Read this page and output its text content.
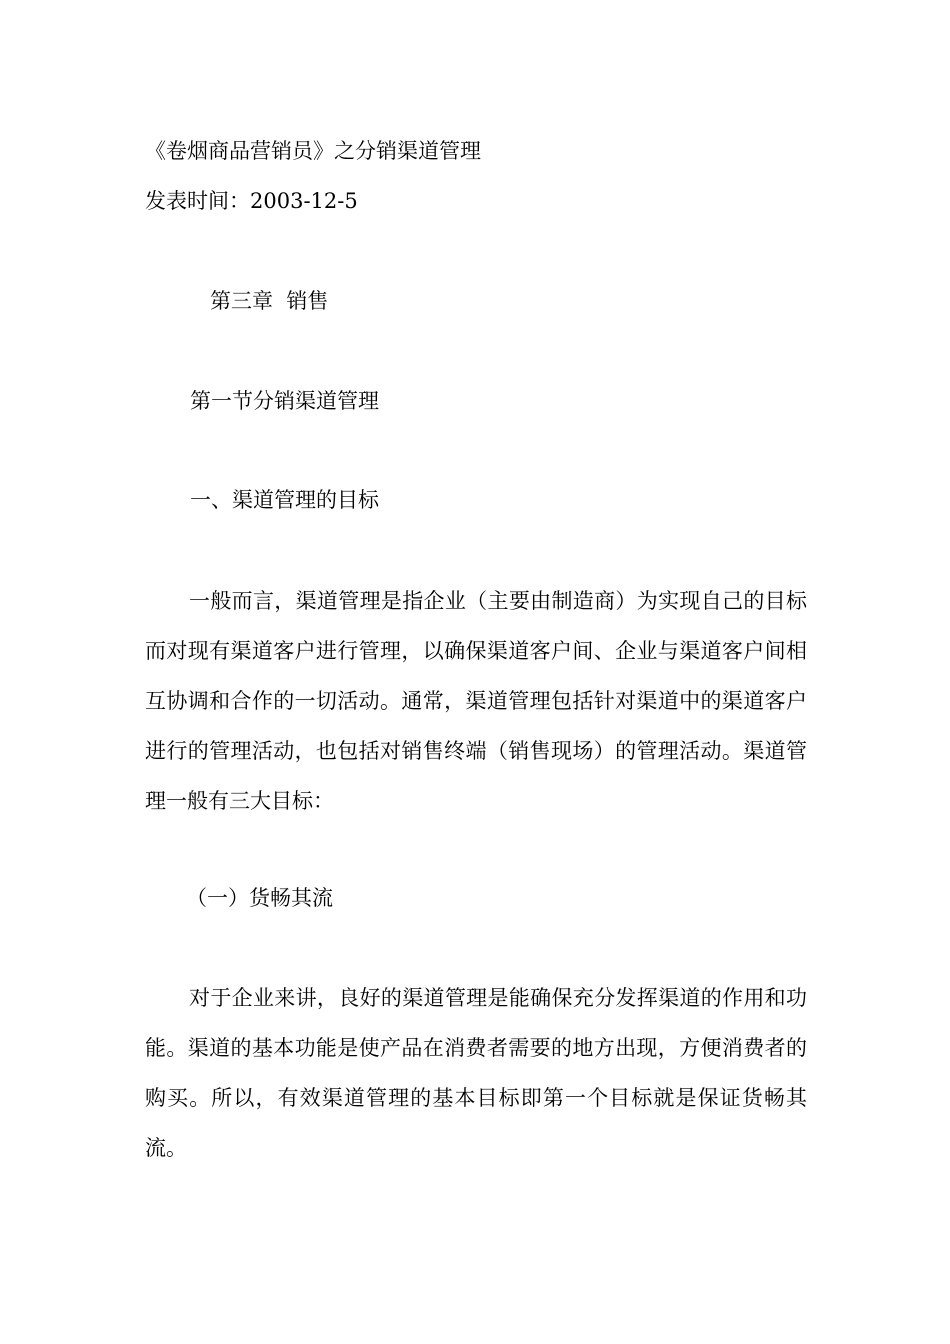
《卷烟商品营销员》之分销渠道管理
发表时间：2003-12-5
第三章  销售
第一节分销渠道管理
一、渠道管理的目标

一般而言，渠道管理是指企业（主要由制造商）为实现自己的目标而对现有渠道客户进行管理，以确保渠道客户间、企业与渠道客户间相互协调和合作的一切活动。通常，渠道管理包括针对渠道中的渠道客户进行的管理活动，也包括对销售终端（销售现场）的管理活动。渠道管理一般有三大目标：

（一）货畅其流

对于企业来讲，良好的渠道管理是能确保充分发挥渠道的作用和功能。渠道的基本功能是使产品在消费者需要的地方出现，方便消费者的购买。所以，有效渠道管理的基本目标即第一个目标就是保证货畅其流。
